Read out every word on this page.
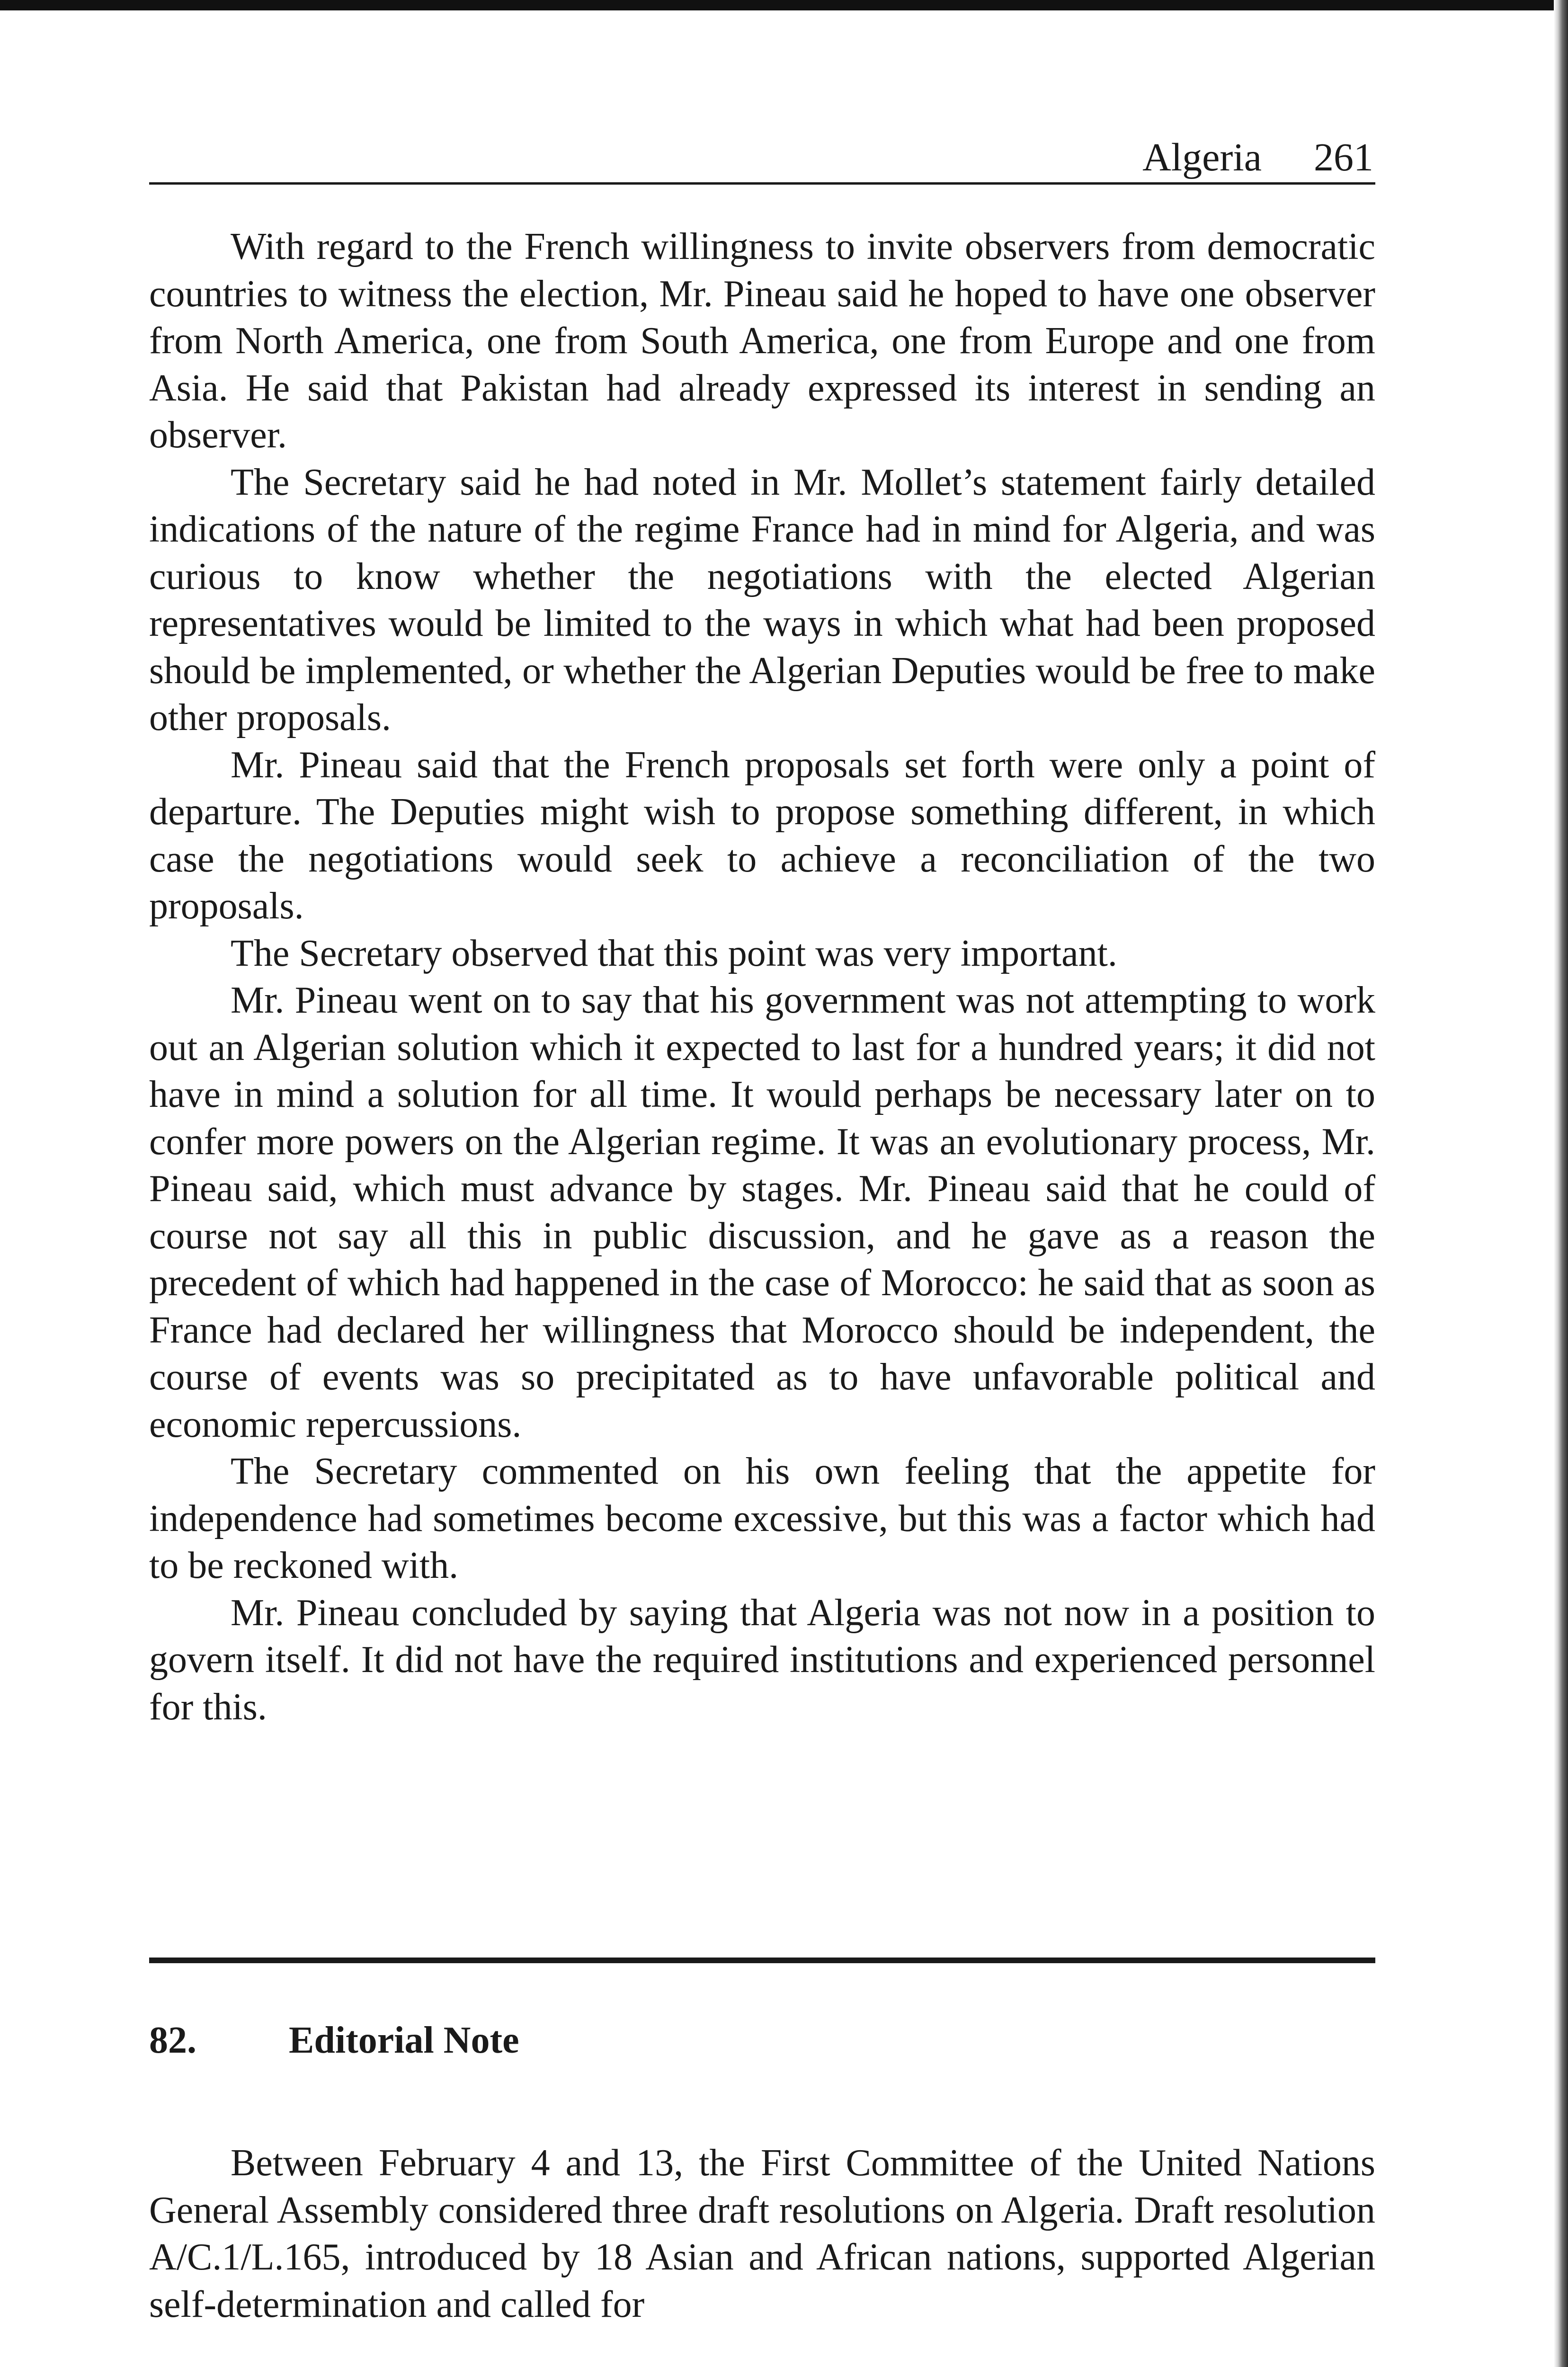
Algeria 261

With regard to the French willingness to invite observers from democratic countries to witness the election, Mr. Pineau said he hoped to have one observer from North America, one from South America, one from Europe and one from Asia. He said that Pakistan had already expressed its interest in sending an observer.

The Secretary said he had noted in Mr. Mollet’s statement fairly detailed indications of the nature of the regime France had in mind for Algeria, and was curious to know whether the negotiations with the elected Algerian representatives would be limited to the ways in which what had been proposed should be implemented, or whether the Algerian Deputies would be free to make other proposals.

Mr. Pineau said that the French proposals set forth were only a point of departure. The Deputies might wish to propose something different, in which case the negotiations would seek to achieve a reconciliation of the two proposals.

The Secretary observed that this point was very important.

Mr. Pineau went on to say that his government was not attempting to work out an Algerian solution which it expected to last for a hundred years; it did not have in mind a solution for all time. It would perhaps be necessary later on to confer more powers on the Algerian regime. It was an evolutionary process, Mr. Pineau said, which must advance by stages. Mr. Pineau said that he could of course not say all this in public discussion, and he gave as a reason the precedent of which had happened in the case of Morocco: he said that as soon as France had declared her willingness that Morocco should be independent, the course of events was so precipitated as to have unfavorable political and economic repercussions.

The Secretary commented on his own feeling that the appetite for independence had sometimes become excessive, but this was a factor which had to be reckoned with.

Mr. Pineau concluded by saying that Algeria was not now in a position to govern itself. It did not have the required institutions and experienced personnel for this.

82. Editorial Note

Between February 4 and 13, the First Committee of the United Nations General Assembly considered three draft resolutions on Algeria. Draft resolution A/C.1/L.165, introduced by 18 Asian and African nations, supported Algerian self-determination and called for
